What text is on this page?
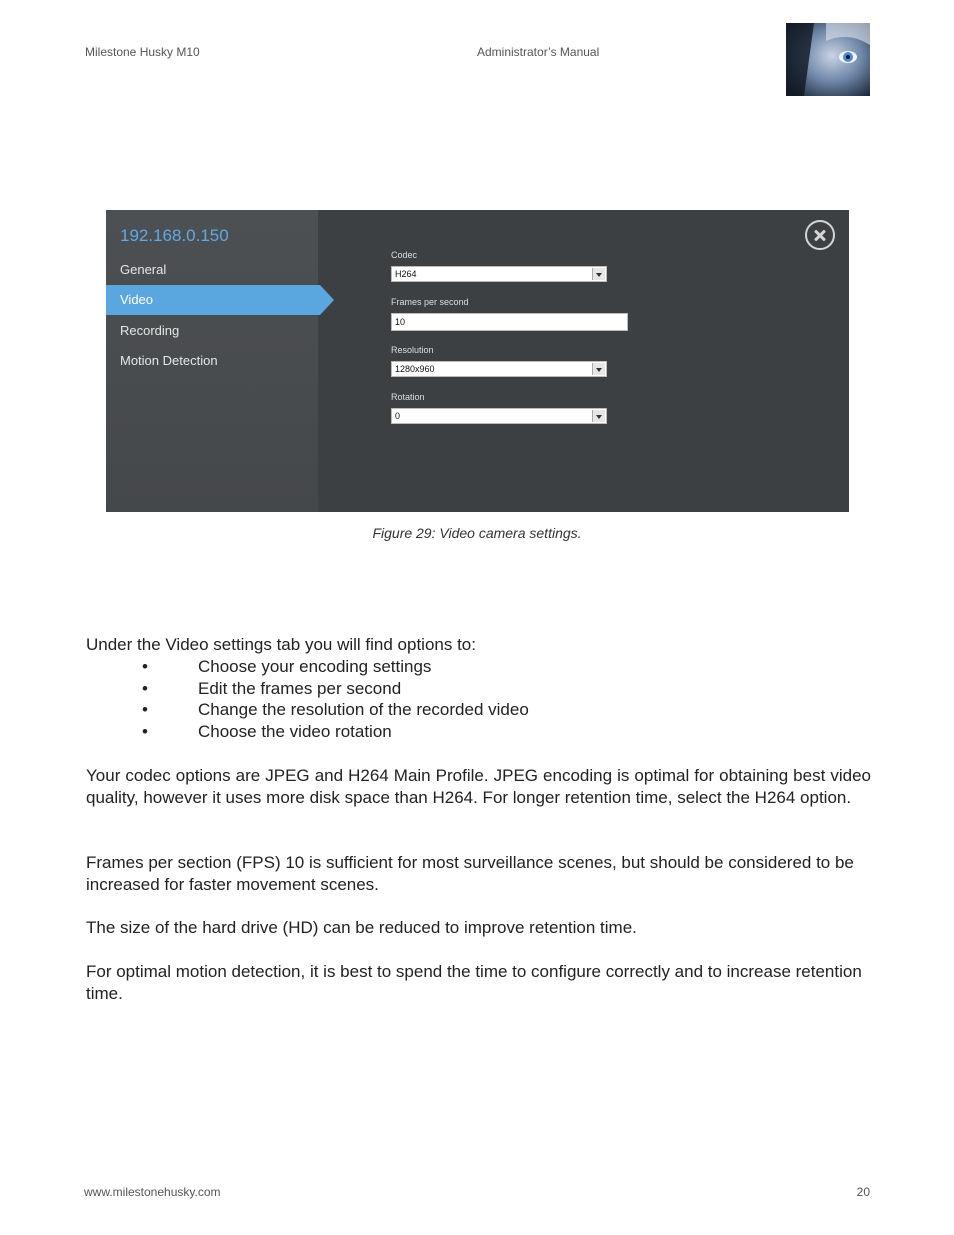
Milestone Husky M10	Administrator’s Manual
192.168.0.150
General
Video
Recording
Motion Detection
Codec
H264
Frames per second
10
Resolution
1280x960
Rotation
0
Figure 29: Video camera settings.
Under the Video settings tab you will find options to:
•	Choose your encoding settings
•	Edit the frames per second
•	Change the resolution of the recorded video
•	Choose the video rotation
Your codec options are JPEG and H264 Main Profile. JPEG encoding is optimal for obtaining best video quality, however it uses more disk space than H264. For longer retention time, select the H264 option.
Frames per section (FPS) 10 is sufficient for most surveillance scenes, but should be considered to be increased for faster movement scenes.
The size of the hard drive (HD) can be reduced to improve retention time.
For optimal motion detection, it is best to spend the time to configure correctly and to increase retention time.
www.milestonehusky.com	20
